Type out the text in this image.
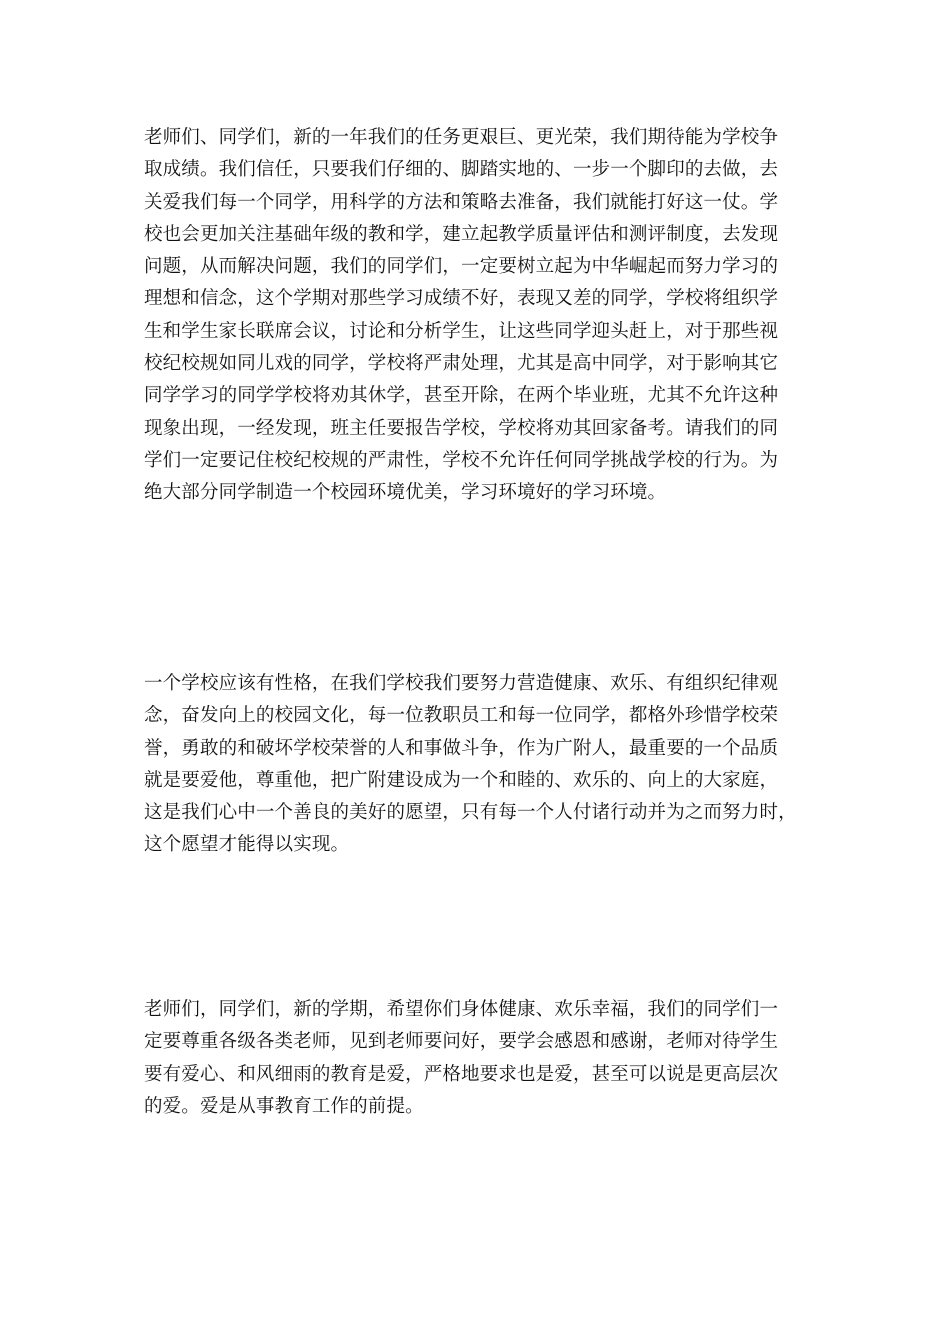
老师们、同学们，新的一年我们的任务更艰巨、更光荣，我们期待能为学校争
取成绩。我们信任，只要我们仔细的、脚踏实地的、一步一个脚印的去做，去
关爱我们每一个同学，用科学的方法和策略去准备，我们就能打好这一仗。学
校也会更加关注基础年级的教和学，建立起教学质量评估和测评制度，去发现
问题，从而解决问题，我们的同学们，一定要树立起为中华崛起而努力学习的
理想和信念，这个学期对那些学习成绩不好，表现又差的同学，学校将组织学
生和学生家长联席会议，讨论和分析学生，让这些同学迎头赶上，对于那些视
校纪校规如同儿戏的同学，学校将严肃处理，尤其是高中同学，对于影响其它
同学学习的同学学校将劝其休学，甚至开除，在两个毕业班，尤其不允许这种
现象出现，一经发现，班主任要报告学校，学校将劝其回家备考。请我们的同
学们一定要记住校纪校规的严肃性，学校不允许任何同学挑战学校的行为。为
绝大部分同学制造一个校园环境优美，学习环境好的学习环境。

一个学校应该有性格，在我们学校我们要努力营造健康、欢乐、有组织纪律观
念，奋发向上的校园文化，每一位教职员工和每一位同学，都格外珍惜学校荣
誉，勇敢的和破坏学校荣誉的人和事做斗争，作为广附人，最重要的一个品质
就是要爱他，尊重他，把广附建设成为一个和睦的、欢乐的、向上的大家庭，
这是我们心中一个善良的美好的愿望，只有每一个人付诸行动并为之而努力时，
这个愿望才能得以实现。

老师们，同学们，新的学期，希望你们身体健康、欢乐幸福，我们的同学们一
定要尊重各级各类老师，见到老师要问好，要学会感恩和感谢，老师对待学生
要有爱心、和风细雨的教育是爱，严格地要求也是爱，甚至可以说是更高层次
的爱。爱是从事教育工作的前提。
